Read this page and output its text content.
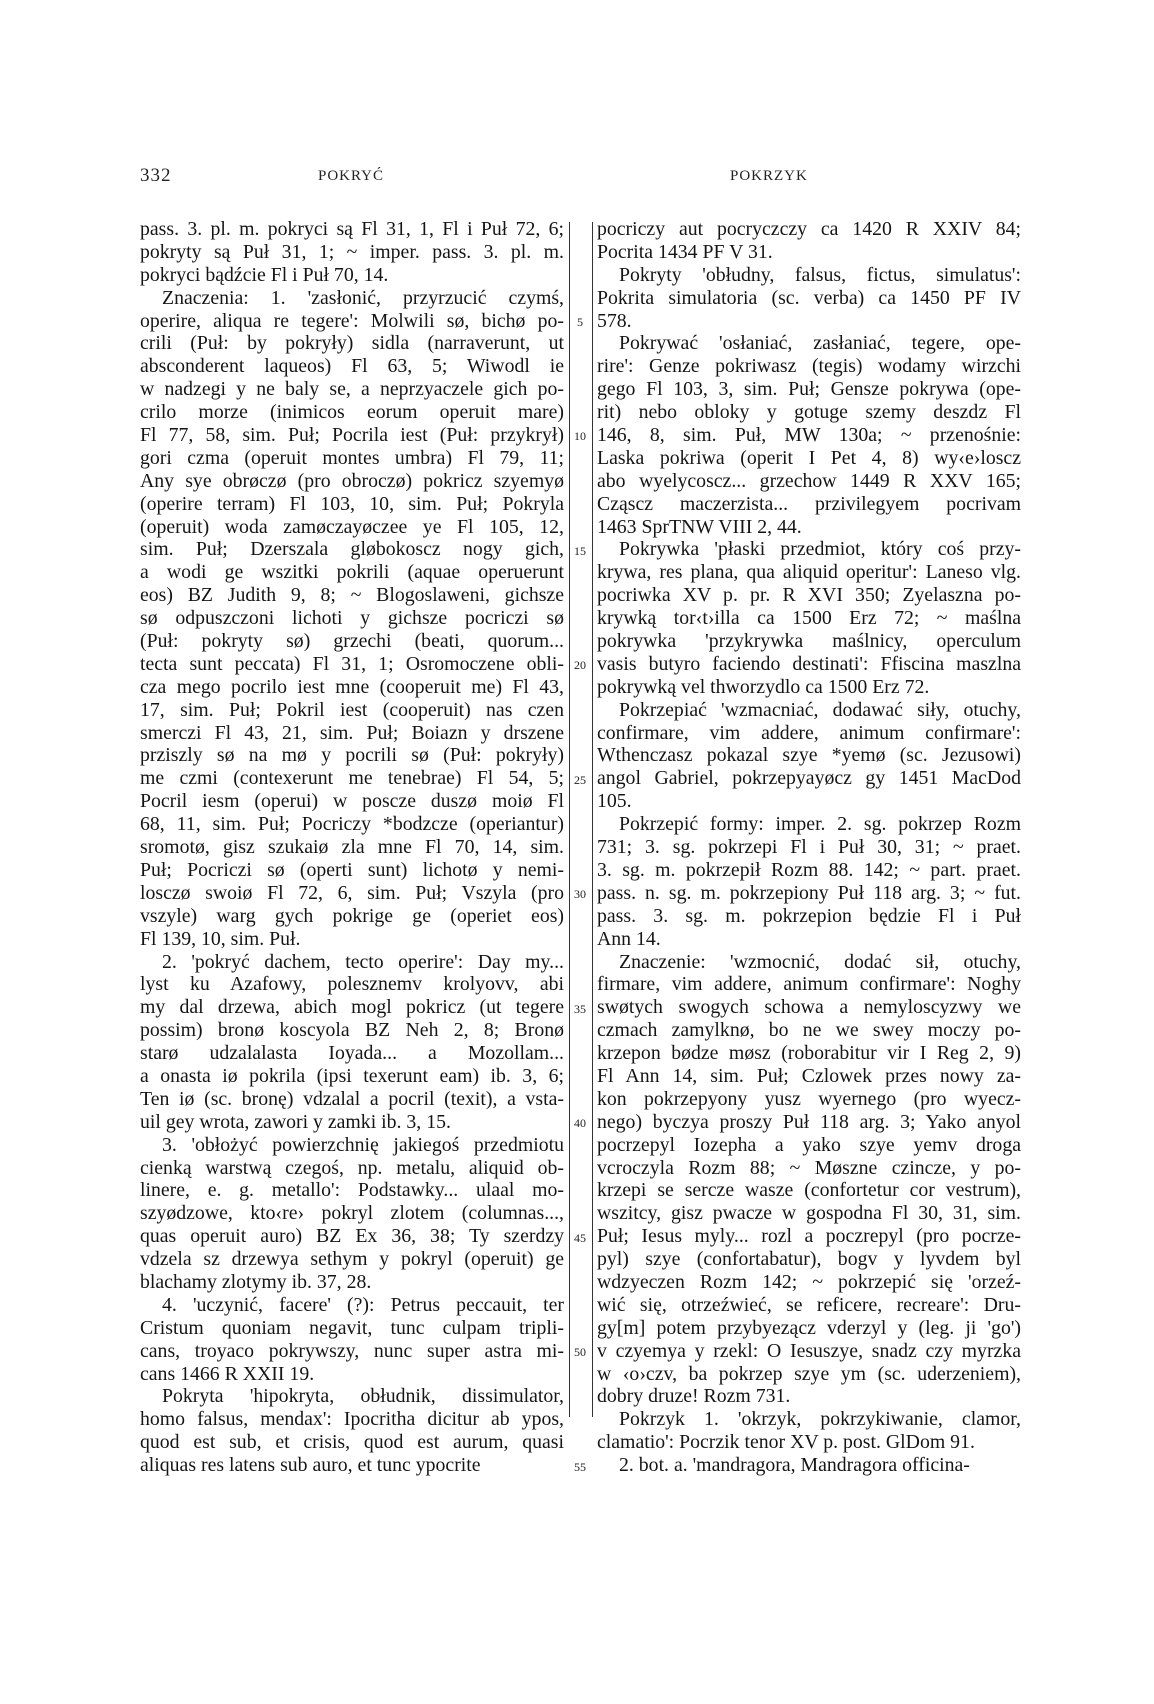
332	POKRYĆ	POKRZYK
pass. 3. pl. m. pokryci są Fl 31, 1, Fl i Puł 72, 6;
pokryty są Puł 31, 1; ~ imper. pass. 3. pl. m.
pokryci bądźcie Fl i Puł 70, 14.
Znaczenia: 1. 'zasłonić, przyrzucić czymś,
operire, aliqua re tegere': Molwili sø, bichø po-
crili (Puł: by pokryły) sidla (narraverunt, ut
absconderent laqueos) Fl 63, 5; Wiwodl ie
w nadzegi y ne baly se, a neprzyaczele gich po-
crilo morze (inimicos eorum operuit mare)
Fl 77, 58, sim. Puł; Pocrila iest (Puł: przykrył)
gori czma (operuit montes umbra) Fl 79, 11;
Any sye obrøczø (pro obroczø) pokricz szyemyø
(operire terram) Fl 103, 10, sim. Puł; Pokryla
(operuit) woda zamøczayøczee ye Fl 105, 12,
sim. Puł; Dzerszala gløbokoscz nogy gich,
a wodi ge wszitki pokrili (aquae operuerunt
eos) BZ Judith 9, 8; ~ Blogoslaweni, gichsze
sø odpuszczoni lichoti y gichsze pocriczi sø
(Puł: pokryty sø) grzechi (beati, quorum...
tecta sunt peccata) Fl 31, 1; Osromoczene obli-
cza mego pocrilo iest mne (cooperuit me) Fl 43,
17, sim. Puł; Pokril iest (cooperuit) nas czen
smerczi Fl 43, 21, sim. Puł; Boiazn y drszene
prziszly sø na mø y pocrili sø (Puł: pokryły)
me czmi (contexerunt me tenebrae) Fl 54, 5;
Pocril iesm (operui) w poscze duszø moiø Fl
68, 11, sim. Puł; Pocriczy *bodzcze (operiantur)
sromotø, gisz szukaiø zla mne Fl 70, 14, sim.
Puł; Pocriczi sø (operti sunt) lichotø y nemi-
losczø swoiø Fl 72, 6, sim. Puł; Vszyla (pro
vszyle) warg gych pokrige ge (operiet eos)
Fl 139, 10, sim. Puł.
2. 'pokryć dachem, tecto operire': Day my...
lyst ku Azafowy, polesznemv krolyovv, abi
my dal drzewa, abich mogl pokricz (ut tegere
possim) bronø koscyola BZ Neh 2, 8; Bronø
starø udzalalasta Ioyada... a Mozollam...
a onasta iø pokrila (ipsi texerunt eam) ib. 3, 6;
Ten iø (sc. bronę) vdzalal a pocril (texit), a vsta-
uil gey wrota, zawori y zamki ib. 3, 15.
3. 'obłożyć powierzchnię jakiegoś przedmiotu
cienką warstwą czegoś, np. metalu, aliquid ob-
linere, e. g. metallo': Podstawky... ulaal mo-
szyødzowe, kto‹re› pokryl zlotem (columnas...,
quas operuit auro) BZ Ex 36, 38; Ty szerdzy
vdzela sz drzewya sethym y pokryl (operuit) ge
blachamy zlotymy ib. 37, 28.
4. 'uczynić, facere' (?): Petrus peccauit, ter
Cristum quoniam negavit, tunc culpam tripli-
cans, troyaco pokrywszy, nunc super astra mi-
cans 1466 R XXII 19.
Pokryta 'hipokryta, obłudnik, dissimulator,
homo falsus, mendax': Ipocritha dicitur ab ypos,
quod est sub, et crisis, quod est aurum, quasi
aliquas res latens sub auro, et tunc ypocrite
5
10
15
20
25
30
35
40
45
50
55
pocriczy aut pocryczczy ca 1420 R XXIV 84;
Pocrita 1434 PF V 31.
Pokryty 'obłudny, falsus, fictus, simulatus':
Pokrita simulatoria (sc. verba) ca 1450 PF IV
578.
Pokrywać 'osłaniać, zasłaniać, tegere, ope-
rire': Genze pokriwasz (tegis) wodamy wirzchi
gego Fl 103, 3, sim. Puł; Gensze pokrywa (ope-
rit) nebo obloky y gotuge szemy deszdz Fl
146, 8, sim. Puł, MW 130a; ~ przenośnie:
Laska pokriwa (operit I Pet 4, 8) wy‹e›loscz
abo wyelycoscz... grzechow 1449 R XXV 165;
Cząscz maczerzista... przivilegyem pocrivam
1463 SprTNW VIII 2, 44.
Pokrywka 'płaski przedmiot, który coś przy-
krywa, res plana, qua aliquid operitur': Laneso vlg.
pocriwka XV p. pr. R XVI 350; Zyelaszna po-
krywką tor‹t›illa ca 1500 Erz 72; ~ maślna
pokrywka 'przykrywka maślnicy, operculum
vasis butyro faciendo destinati': Ffiscina maszlna
pokrywką vel thworzydlo ca 1500 Erz 72.
Pokrzepiać 'wzmacniać, dodawać siły, otuchy,
confirmare, vim addere, animum confirmare':
Wthenczasz pokazal szye *yemø (sc. Jezusowi)
angol Gabriel, pokrzepyayøcz gy 1451 MacDod
105.
Pokrzepić formy: imper. 2. sg. pokrzep Rozm
731; 3. sg. pokrzepi Fl i Puł 30, 31; ~ praet.
3. sg. m. pokrzepił Rozm 88. 142; ~ part. praet.
pass. n. sg. m. pokrzepiony Puł 118 arg. 3; ~ fut.
pass. 3. sg. m. pokrzepion będzie Fl i Puł
Ann 14.
Znaczenie: 'wzmocnić, dodać sił, otuchy,
firmare, vim addere, animum confirmare': Noghy
swøtych swogych schowa a nemyloscyzwy we
czmach zamylknø, bo ne we swey moczy po-
krzepon bødze møsz (roborabitur vir I Reg 2, 9)
Fl Ann 14, sim. Puł; Czlowek przes nowy za-
kon pokrzepyony yusz wyernego (pro wyecz-
nego) byczya proszy Puł 118 arg. 3; Yako anyol
pocrzepyl Iozepha a yako szye yemv droga
vcroczyla Rozm 88; ~ Møszne czincze, y po-
krzepi se sercze wasze (confortetur cor vestrum),
wszitcy, gisz pwacze w gospodna Fl 30, 31, sim.
Puł; Iesus myly... rozl a poczrepyl (pro pocrze-
pyl) szye (confortabatur), bogv y lyvdem byl
wdzyeczen Rozm 142; ~ pokrzepić się 'orzeź-
wić się, otrzeźwieć, se reficere, recreare': Dru-
gy[m] potem przybyezącz vderzyl y (leg. ji 'go')
v czyemya y rzekl: O Iesuszye, snadz czy myrzka
w ‹o›czv, ba pokrzep szye ym (sc. uderzeniem),
dobry druze! Rozm 731.
Pokrzyk 1. 'okrzyk, pokrzykiwanie, clamor,
clamatio': Pocrzik tenor XV p. post. GlDom 91.
2. bot. a. 'mandragora, Mandragora officina-
